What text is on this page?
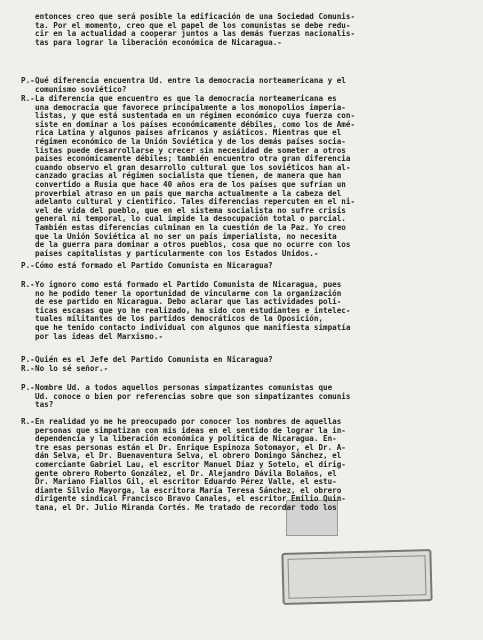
entonces creo que será posible la edificación de una Sociedad Comunis-
ta. Por el momento, creo que el papel de los comunistas se debe redu-
cir en la actualidad a cooperar juntos a las demás fuerzas nacionalis-
tas para lograr la liberación económica de Nicaragua.-
P.- Qué diferencia encuentra Ud. entre la democracia norteamericana y el
comunismo soviético?
R.- La diferencia que encuentro es que la democracia norteamericana es
una democracia que favorece principalmente a los monopolios imperia-
listas, y que está sustentada en un régimen económico cuya fuerza con-
siste en dominar a los países económicamente débiles, como los de Amé-
rica Latina y algunos países africanos y asiáticos. Mientras que el
régimen económico de la Unión Soviética y de los demás países socia-
listas puede desarrollarse y crecer sin necesidad de someter a otros
países económicamente débiles; también encuentro otra gran diferencia
cuando observo el gran desarrollo cultural que los soviéticos han al-
canzado gracias al régimen socialista que tienen, de manera que han
convertido a Rusia que hace 40 años era de los países que sufrían un
proverbial atraso en un país que marcha actualmente a la cabeza del
adelanto cultural y científico. Tales diferencias repercuten en el ni-
vel de vida del pueblo, que en el sistema socialista no sufre crisis
general ni temporal, lo cual impide la desocupación total o parcial.
También estas diferencias culminan en la cuestión de la Paz. Yo creo
que la Unión Soviética al no ser un país imperialista, no necesita
de la guerra para dominar a otros pueblos, cosa que no ocurre con los
países capitalistas y particularmente con los Estados Unidos.-
P.- Cómo está formado el Partido Comunista en Nicaragua?
R.- Yo ignoro como está formado el Partido Comunista de Nicaragua, pues
no he podido tener la oportunidad de vincularme con la organización
de ese partido en Nicaragua. Debo aclarar que las actividades polí-
ticas escasas que yo he realizado, ha sido con estudiantes e intelec-
tuales militantes de los partidos democráticos de la Oposición,
que he tenido contacto individual con algunos que manifiesta simpatía
por las ideas del Marxismo.-
P.- Quién es el Jefe del Partido Comunista en Nicaragua?
R.- No lo sé señor.-
P.- Nombre Ud. a todos aquellos personas simpatizantes comunistas que
Ud. conoce o bien por referencias sobre que son simpatizantes comunis
tas?
R.- En realidad yo me he preocupado por conocer los nombres de aquellas
personas que simpatizan con mis ideas en el sentido de lograr la in-
dependencia y la liberación económica y política de Nicaragua. En-
tre esas personas están el Dr. Enrique Espinoza Sotomayor, el Dr. A-
dán Selva, el Dr. Buenaventura Selva, el obrero Domingo Sánchez, el
comerciante Gabriel Lau, el escritor Manuel Díaz y Sotelo, el dirig-
gente obrero Roberto González, el Dr. Alejandro Dávila Bolaños, el
Dr. Mariano Fiallos Gil, el escritor Eduardo Pérez Valle, el estu-
diante Silvio Mayorga, la escritora María Teresa Sánchez, el obrero
dirigente sindical Francisco Bravo Canales, el escritor Emilio Quin-
tana, el Dr. Julio Miranda Cortés. Me tratado de recordar todo los
